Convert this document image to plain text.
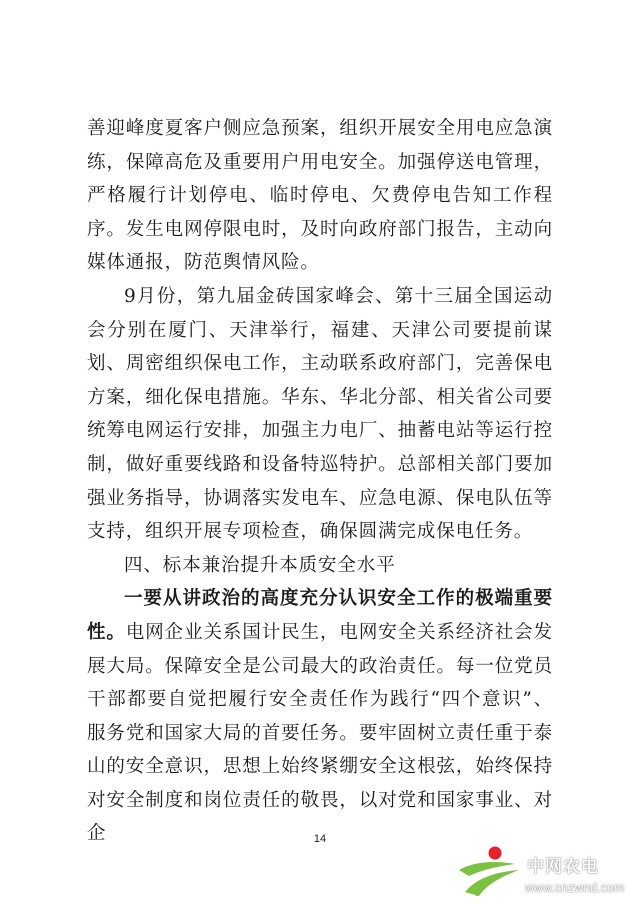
善迎峰度夏客户侧应急预案，组织开展安全用电应急演练，保障高危及重要用户用电安全。加强停送电管理，严格履行计划停电、临时停电、欠费停电告知工作程序。发生电网停限电时，及时向政府部门报告，主动向媒体通报，防范舆情风险。

9月份，第九届金砖国家峰会、第十三届全国运动会分别在厦门、天津举行，福建、天津公司要提前谋划、周密组织保电工作，主动联系政府部门，完善保电方案，细化保电措施。华东、华北分部、相关省公司要统筹电网运行安排，加强主力电厂、抽蓄电站等运行控制，做好重要线路和设备特巡特护。总部相关部门要加强业务指导，协调落实发电车、应急电源、保电队伍等支持，组织开展专项检查，确保圆满完成保电任务。

四、标本兼治提升本质安全水平

一要从讲政治的高度充分认识安全工作的极端重要性。电网企业关系国计民生，电网安全关系经济社会发展大局。保障安全是公司最大的政治责任。每一位党员干部都要自觉把履行安全责任作为践行“四个意识”、服务党和国家大局的首要任务。要牢固树立责任重于泰山的安全意识，思想上始终紧绷安全这根弦，始终保持对安全制度和岗位责任的敬畏，以对党和国家事业、对企	14
中网农电
www.cnzwnd.com
